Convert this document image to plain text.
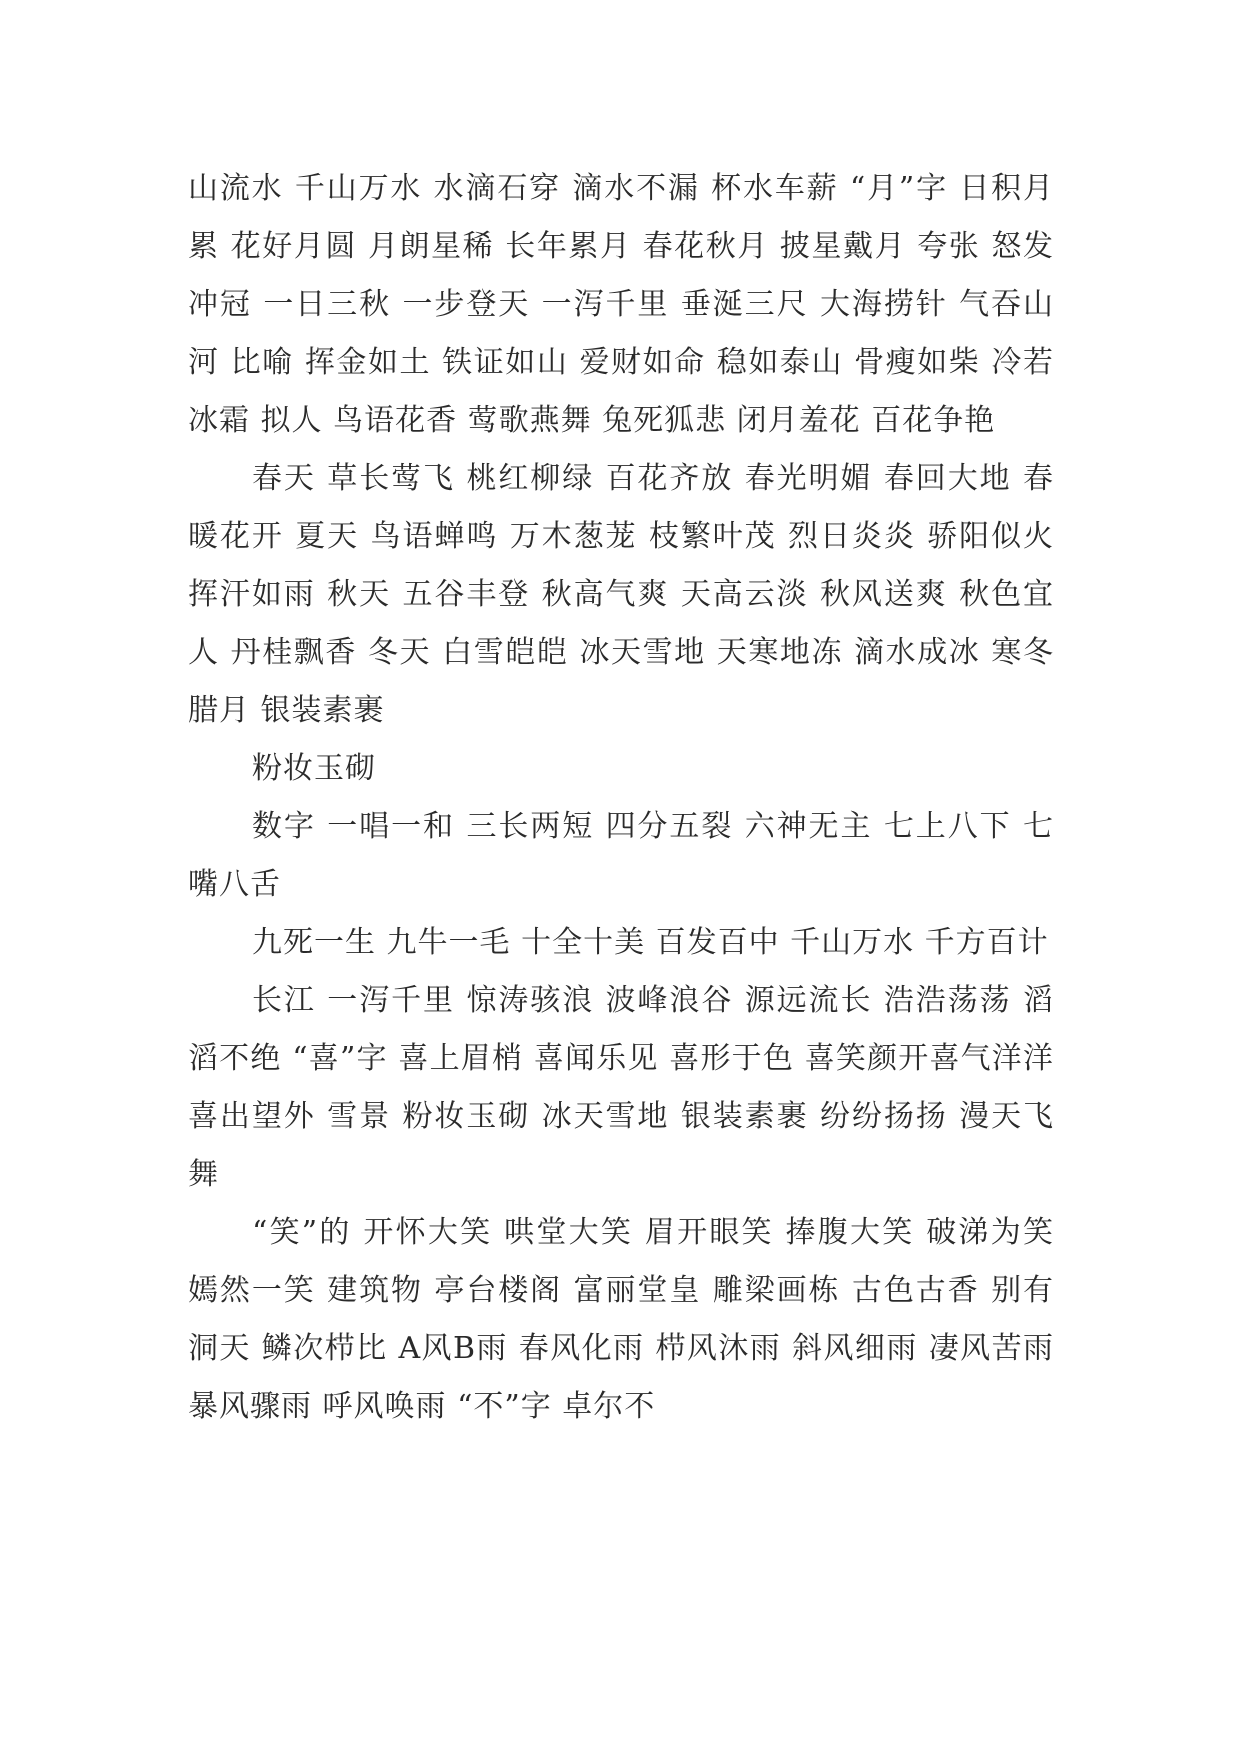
山流水 千山万水 水滴石穿 滴水不漏 杯水车薪 “月”字 日积月累 花好月圆 月朗星稀 长年累月 春花秋月 披星戴月 夸张 怒发冲冠 一日三秋 一步登天 一泻千里 垂涎三尺 大海捞针 气吞山河 比喻 挥金如土 铁证如山 爱财如命 稳如泰山 骨瘦如柴 冷若冰霜 拟人 鸟语花香 莺歌燕舞 兔死狐悲 闭月羞花 百花争艳

春天 草长莺飞 桃红柳绿 百花齐放 春光明媚 春回大地 春暖花开 夏天 鸟语蝉鸣 万木葱茏 枝繁叶茂 烈日炎炎 骄阳似火 挥汗如雨 秋天 五谷丰登 秋高气爽 天高云淡 秋风送爽 秋色宜人 丹桂飘香 冬天 白雪皑皑 冰天雪地 天寒地冻 滴水成冰 寒冬腊月 银装素裹

粉妆玉砌

数字 一唱一和 三长两短 四分五裂 六神无主 七上八下 七嘴八舌

九死一生 九牛一毛 十全十美 百发百中 千山万水 千方百计

长江 一泻千里 惊涛骇浪 波峰浪谷 源远流长 浩浩荡荡 滔滔不绝 “喜”字 喜上眉梢 喜闻乐见 喜形于色 喜笑颜开喜气洋洋 喜出望外 雪景 粉妆玉砌 冰天雪地 银装素裹 纷纷扬扬 漫天飞舞

“笑”的 开怀大笑 哄堂大笑 眉开眼笑 捧腹大笑 破涕为笑 嫣然一笑 建筑物 亭台楼阁 富丽堂皇 雕梁画栋 古色古香 别有洞天 鳞次栉比 A风B雨 春风化雨 栉风沐雨 斜风细雨 凄风苦雨 暴风骤雨 呼风唤雨 “不”字 卓尔不
